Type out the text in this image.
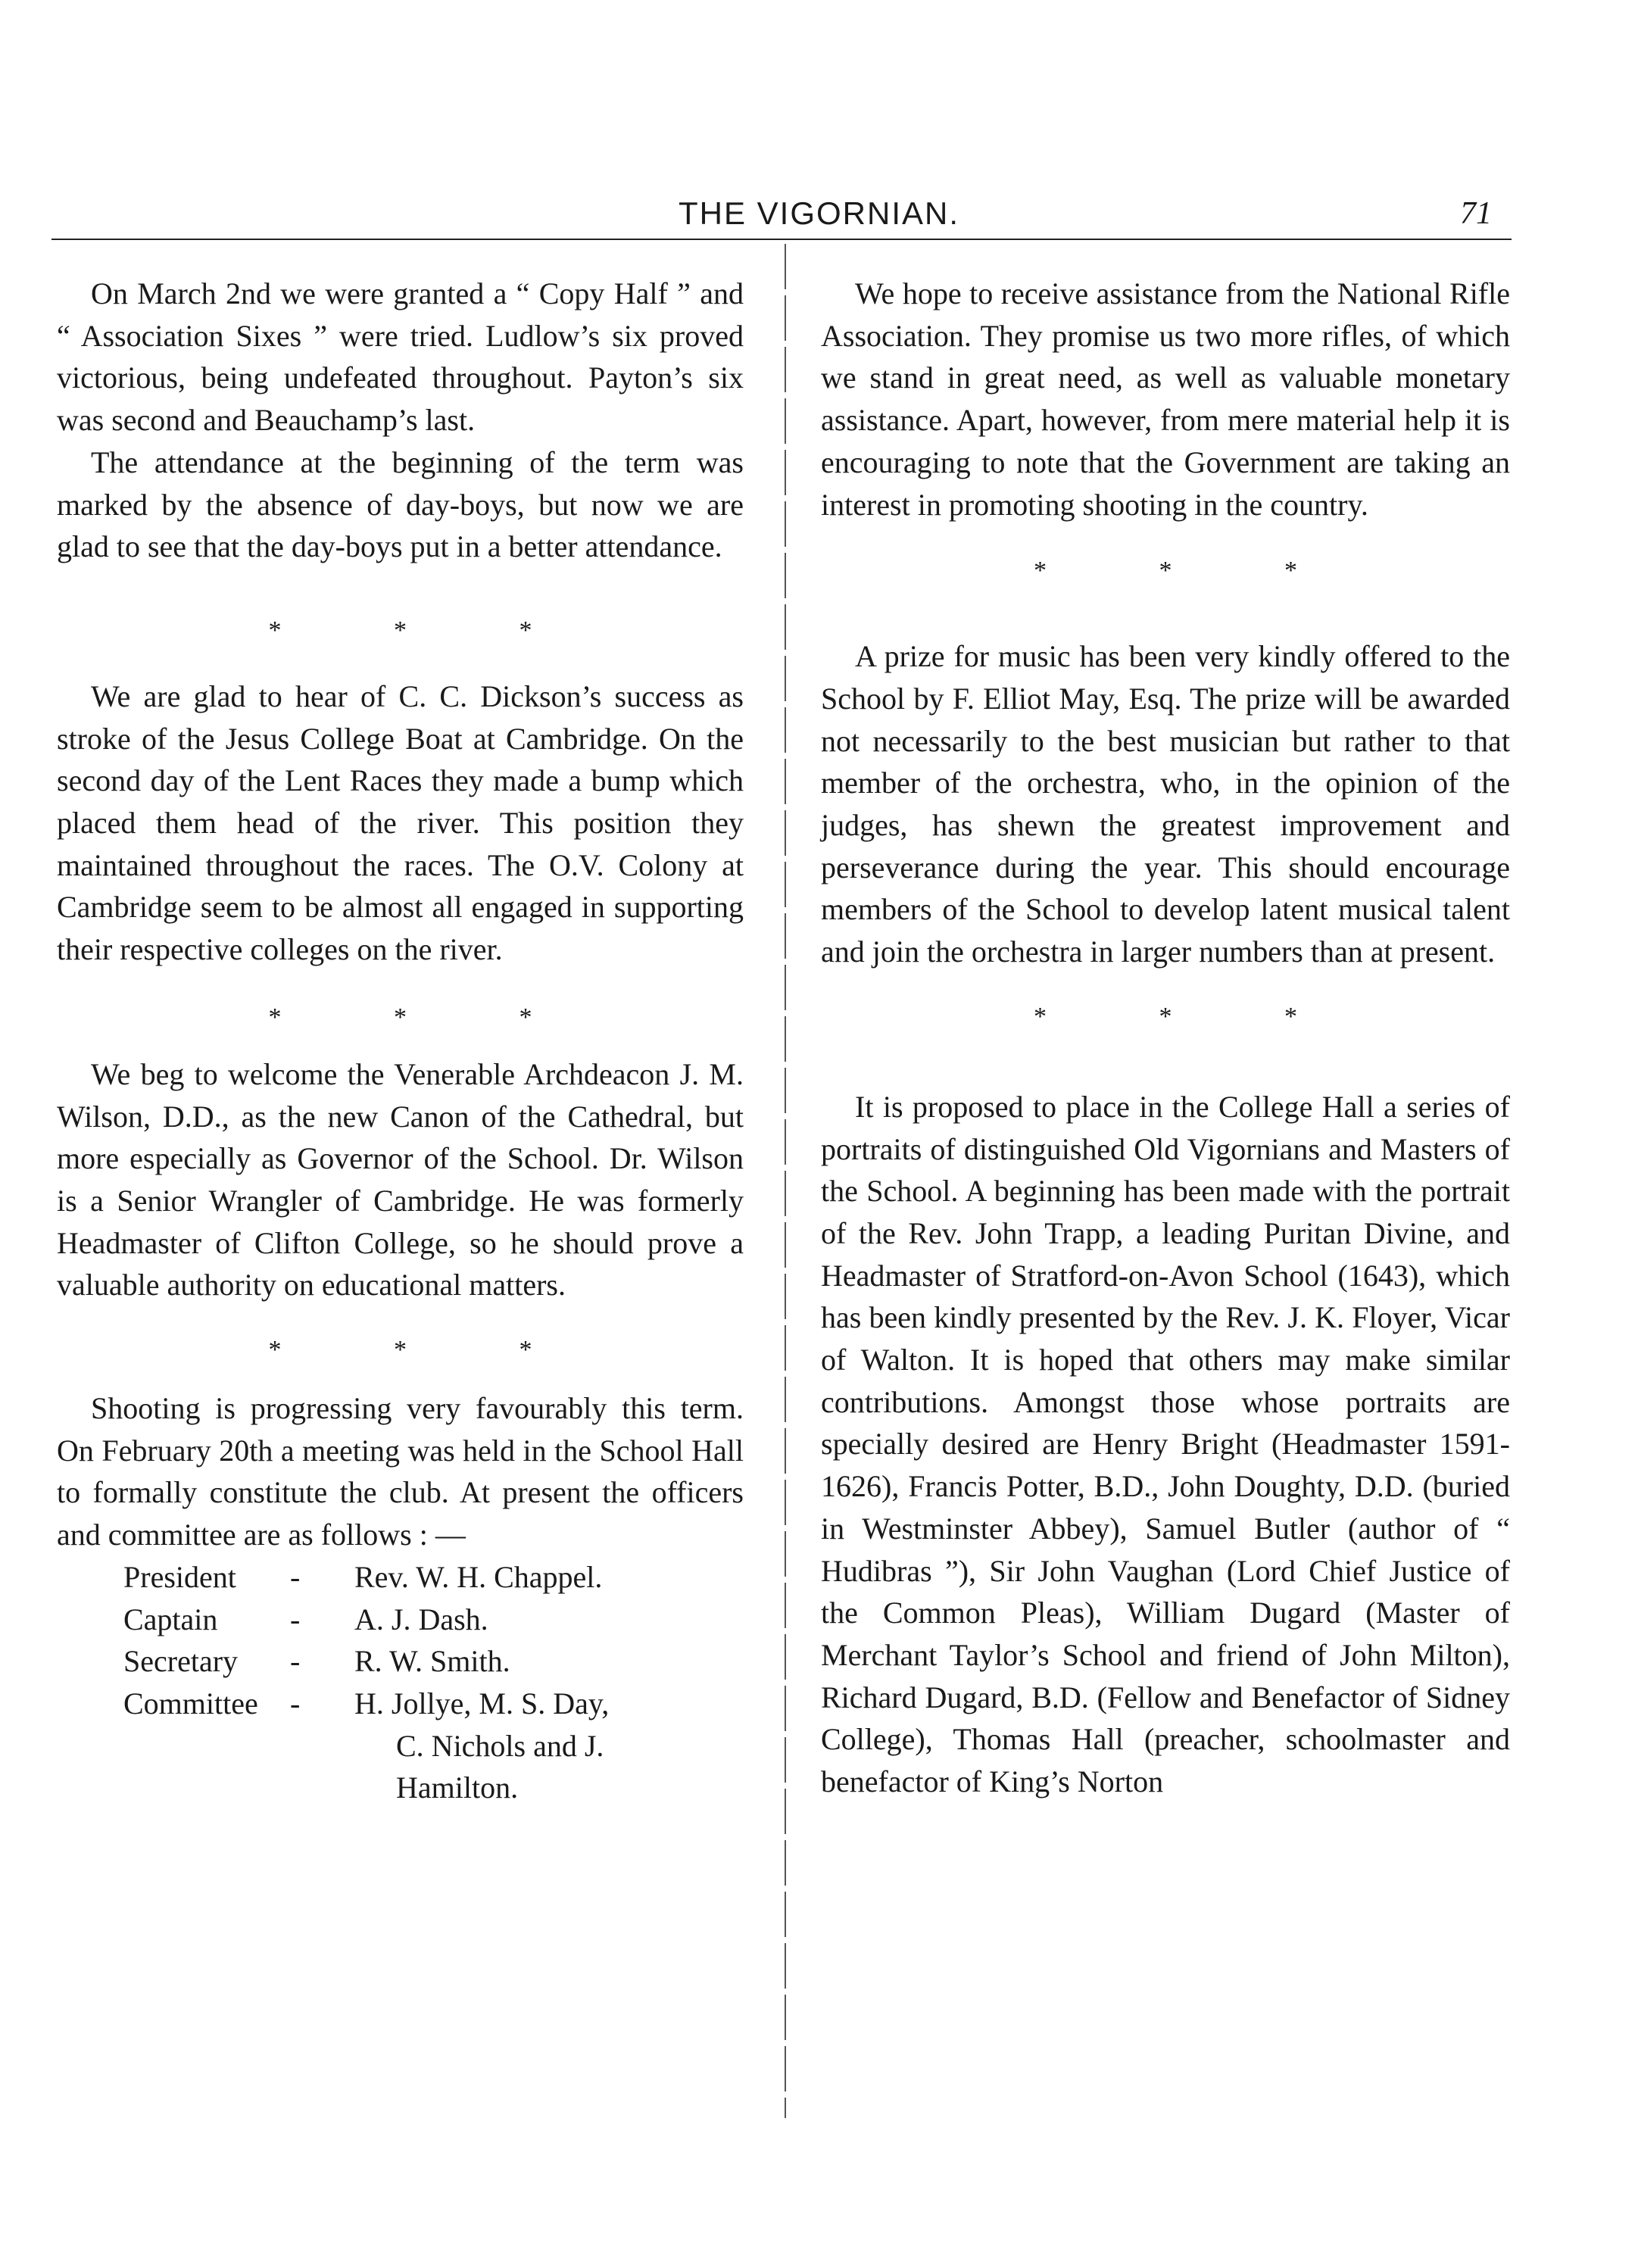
THE VIGORNIAN.	71

On March 2nd we were granted a “ Copy Half ” and “ Association Sixes ” were tried. Ludlow’s six proved victorious, being undefeated throughout. Payton’s six was second and Beauchamp’s last.

The attendance at the beginning of the term was marked by the absence of day-boys, but now we are glad to see that the day-boys put in a better attendance.

* * *

We are glad to hear of C. C. Dickson’s success as stroke of the Jesus College Boat at Cambridge. On the second day of the Lent Races they made a bump which placed them head of the river. This position they maintained throughout the races. The O.V. Colony at Cambridge seem to be almost all engaged in supporting their respective colleges on the river.

* * *

We beg to welcome the Venerable Archdeacon J. M. Wilson, D.D., as the new Canon of the Cathedral, but more especially as Governor of the School. Dr. Wilson is a Senior Wrangler of Cambridge. He was formerly Headmaster of Clifton College, so he should prove a valuable authority on educational matters.

* * *

Shooting is progressing very favourably this term. On February 20th a meeting was held in the School Hall to formally constitute the club. At present the officers and committee are as follows : —

President	-	Rev. W. H. Chappel.
Captain	-	A. J. Dash.
Secretary	-	R. W. Smith.
Committee	-	H. Jollye, M. S. Day,
C. Nichols and J.
Hamilton.

We hope to receive assistance from the National Rifle Association. They promise us two more rifles, of which we stand in great need, as well as valuable monetary assistance. Apart, however, from mere material help it is encouraging to note that the Government are taking an interest in promoting shooting in the country.

* * *

A prize for music has been very kindly offered to the School by F. Elliot May, Esq. The prize will be awarded not necessarily to the best musician but rather to that member of the orchestra, who, in the opinion of the judges, has shewn the greatest improvement and perseverance during the year. This should encourage members of the School to develop latent musical talent and join the orchestra in larger numbers than at present.

* * *

It is proposed to place in the College Hall a series of portraits of distinguished Old Vigornians and Masters of the School. A beginning has been made with the portrait of the Rev. John Trapp, a leading Puritan Divine, and Headmaster of Stratford-on-Avon School (1643), which has been kindly presented by the Rev. J. K. Floyer, Vicar of Walton. It is hoped that others may make similar contributions. Amongst those whose portraits are specially desired are Henry Bright (Headmaster 1591-1626), Francis Potter, B.D., John Doughty, D.D. (buried in Westminster Abbey), Samuel Butler (author of “ Hudibras ”), Sir John Vaughan (Lord Chief Justice of the Common Pleas), William Dugard (Master of Merchant Taylor’s School and friend of John Milton), Richard Dugard, B.D. (Fellow and Benefactor of Sidney College), Thomas Hall (preacher, schoolmaster and benefactor of King’s Norton
